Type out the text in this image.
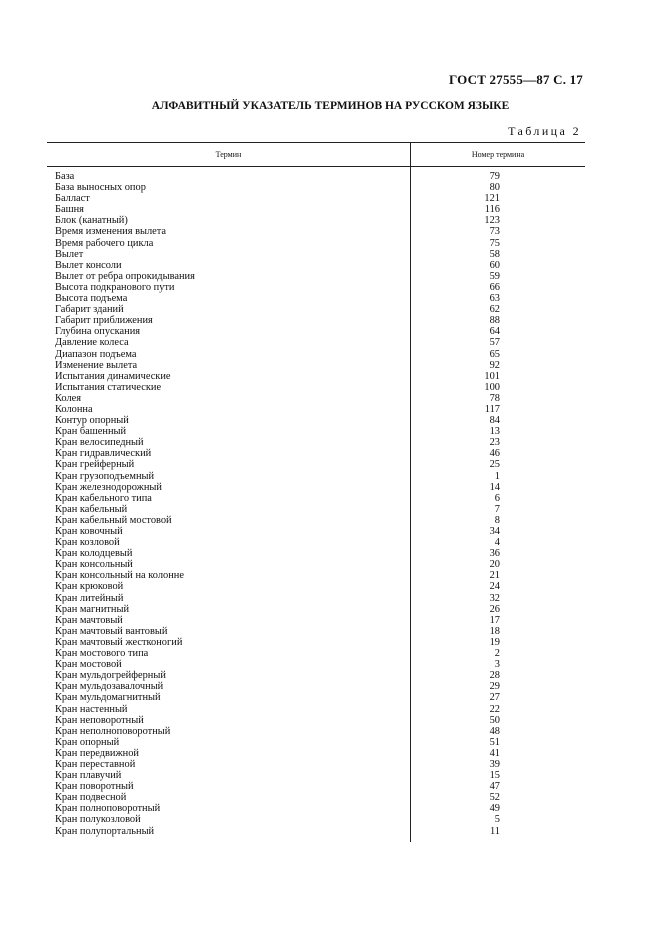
ГОСТ 27555—87 С. 17
АЛФАВИТНЫЙ УКАЗАТЕЛЬ ТЕРМИНОВ НА РУССКОМ ЯЗЫКЕ
Таблица 2
Термин	Номер термина
База	79
База выносных опор	80
Балласт	121
Башня	116
Блок (канатный)	123
Время изменения вылета	73
Время рабочего цикла	75
Вылет	58
Вылет консоли	60
Вылет от ребра опрокидывания	59
Высота подкранового пути	66
Высота подъема	63
Габарит зданий	62
Габарит приближения	88
Глубина опускания	64
Давление колеса	57
Диапазон подъема	65
Изменение вылета	92
Испытания динамические	101
Испытания статические	100
Колея	78
Колонна	117
Контур опорный	84
Кран башенный	13
Кран велосипедный	23
Кран гидравлический	46
Кран грейферный	25
Кран грузоподъемный	1
Кран железнодорожный	14
Кран кабельного типа	6
Кран кабельный	7
Кран кабельный мостовой	8
Кран ковочный	34
Кран козловой	4
Кран колодцевый	36
Кран консольный	20
Кран консольный на колонне	21
Кран крюковой	24
Кран литейный	32
Кран магнитный	26
Кран мачтовый	17
Кран мачтовый вантовый	18
Кран мачтовый жестконогий	19
Кран мостового типа	2
Кран мостовой	3
Кран мульдогрейферный	28
Кран мульдозавалочный	29
Кран мульдомагнитный	27
Кран настенный	22
Кран неповоротный	50
Кран неполноповоротный	48
Кран опорный	51
Кран передвижной	41
Кран переставной	39
Кран плавучий	15
Кран поворотный	47
Кран подвесной	52
Кран полноповоротный	49
Кран полукозловой	5
Кран полупортальный	11
